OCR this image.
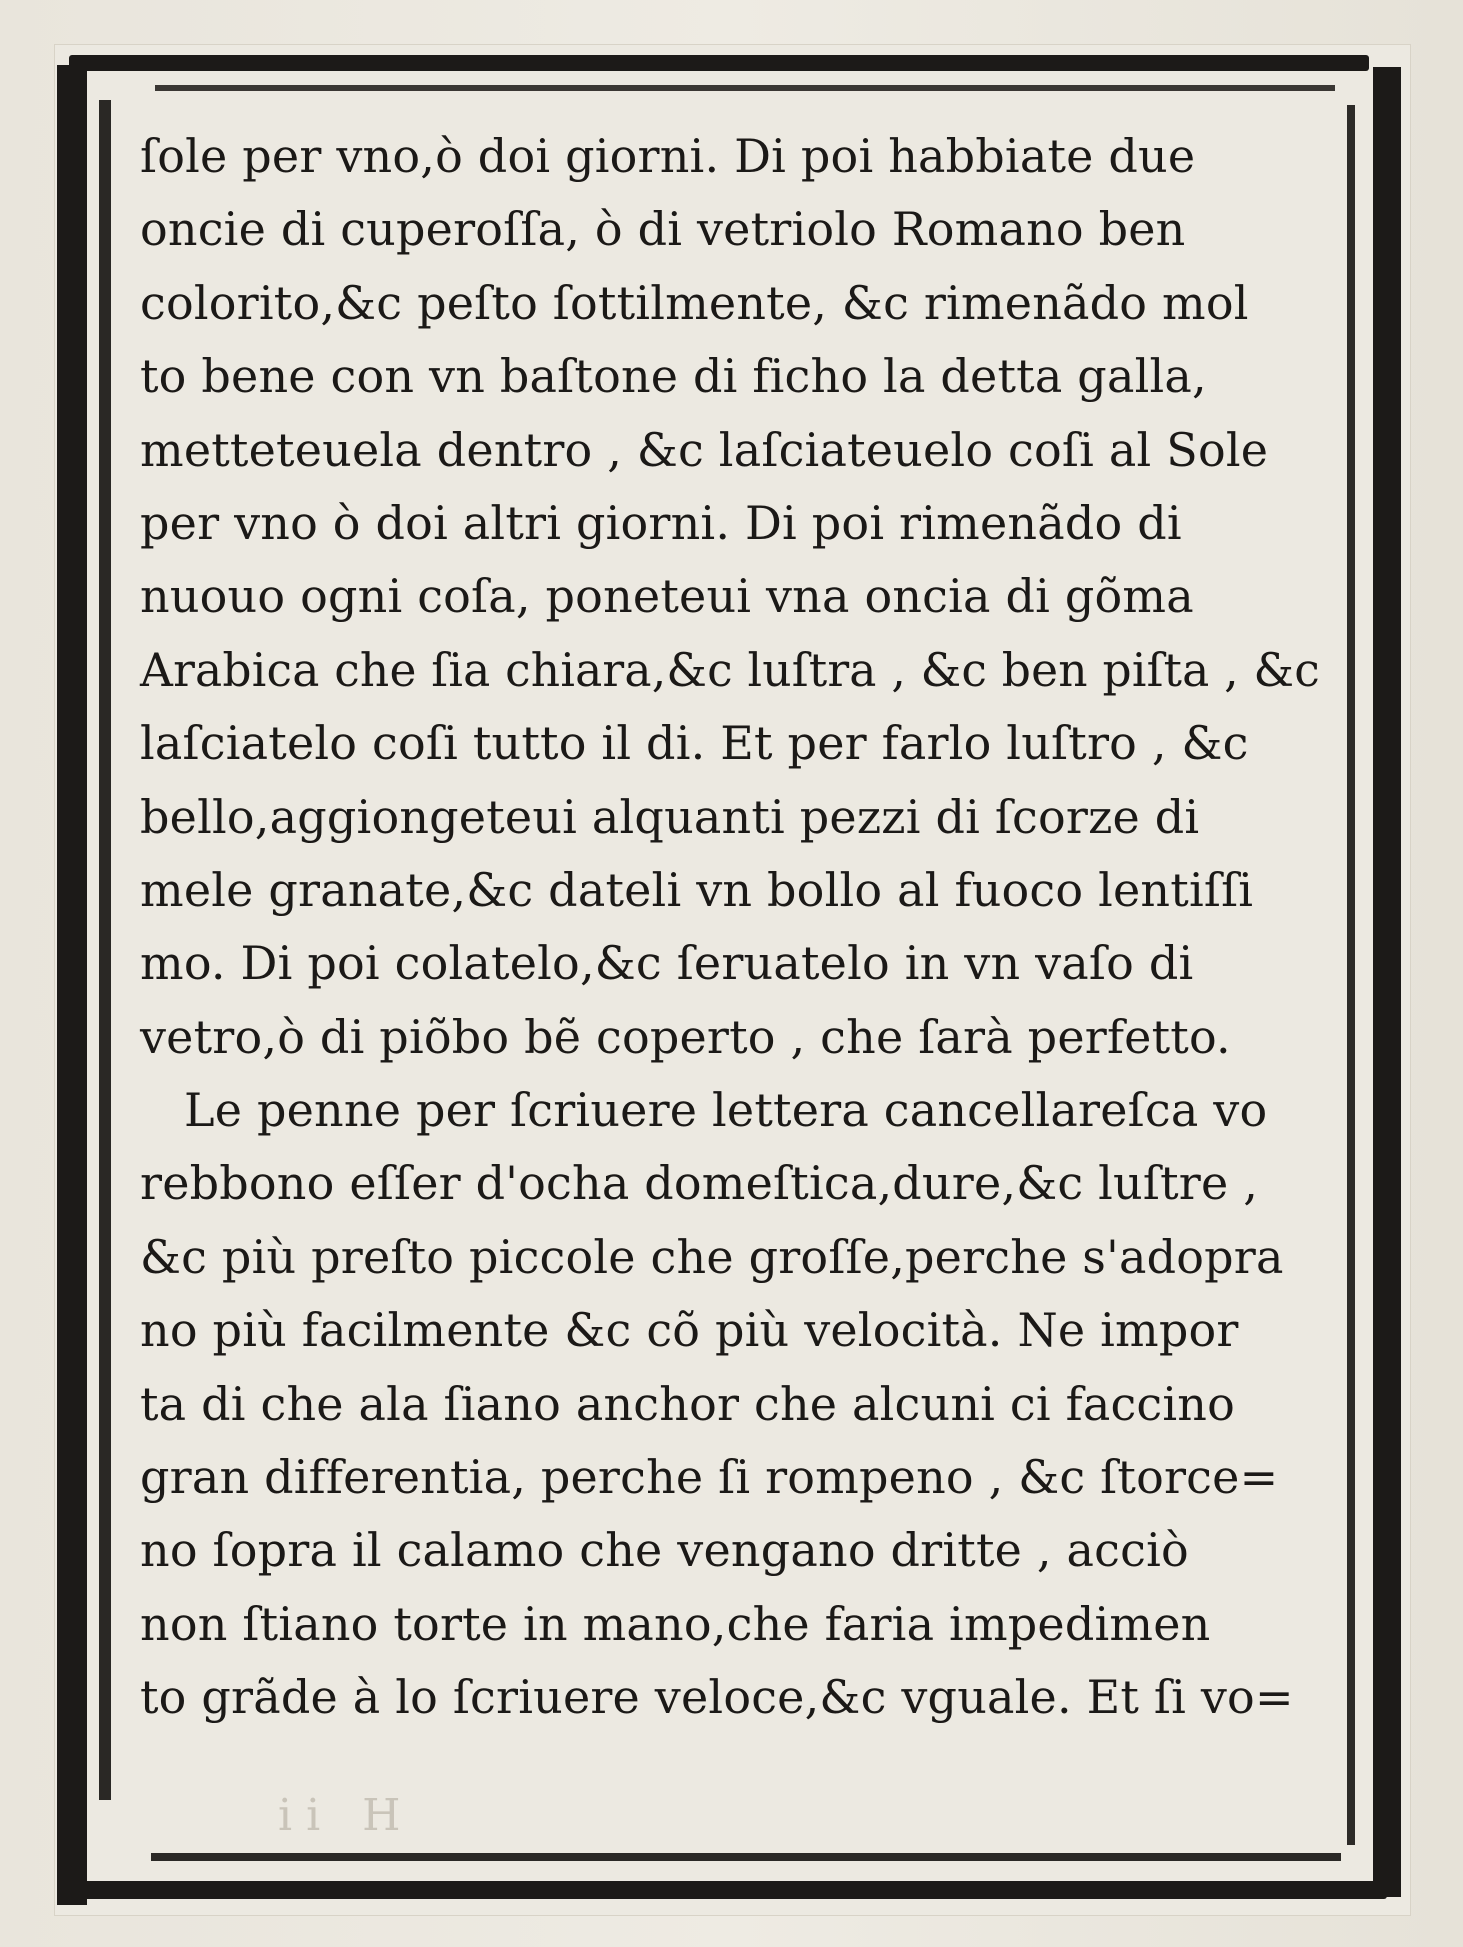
ſole per vno,ò doi giorni. Di poi habbiate due
oncie di cuperoſſa, ò di vetriolo Romano ben
colorito,&c peſto ſottilmente, &c rimenãdo mol
to bene con vn baſtone di ficho la detta galla,
metteteuela dentro , &c laſciateuelo coſi al Sole
per vno ò doi altri giorni. Di poi rimenãdo di
nuouo ogni coſa, poneteui vna oncia di gõma
Arabica che ſia chiara,&c luſtra , &c ben piſta , &c
laſciatelo coſi tutto il di. Et per farlo luſtro , &c
bello,aggiongeteui alquanti pezzi di ſcorze di
mele granate,&c dateli vn bollo al fuoco lentiſſi
mo. Di poi colatelo,&c ſeruatelo in vn vaſo di
vetro,ò di piõbo bẽ coperto , che ſarà perfetto.
Le penne per ſcriuere lettera cancellareſca vo
rebbono eſſer d'ocha domeſtica,dure,&c luſtre ,
&c più preſto piccole che groſſe,perche s'adopra
no più facilmente &c cõ più velocità. Ne impor
ta di che ala ſiano anchor che alcuni ci faccino
gran differentia, perche ſi rompeno , &c ſtorce=
no ſopra il calamo che vengano dritte , acciò
non ſtiano torte in mano,che faria impedimen
to grãde à lo ſcriuere veloce,&c vguale. Et ſi vo=
ii H
